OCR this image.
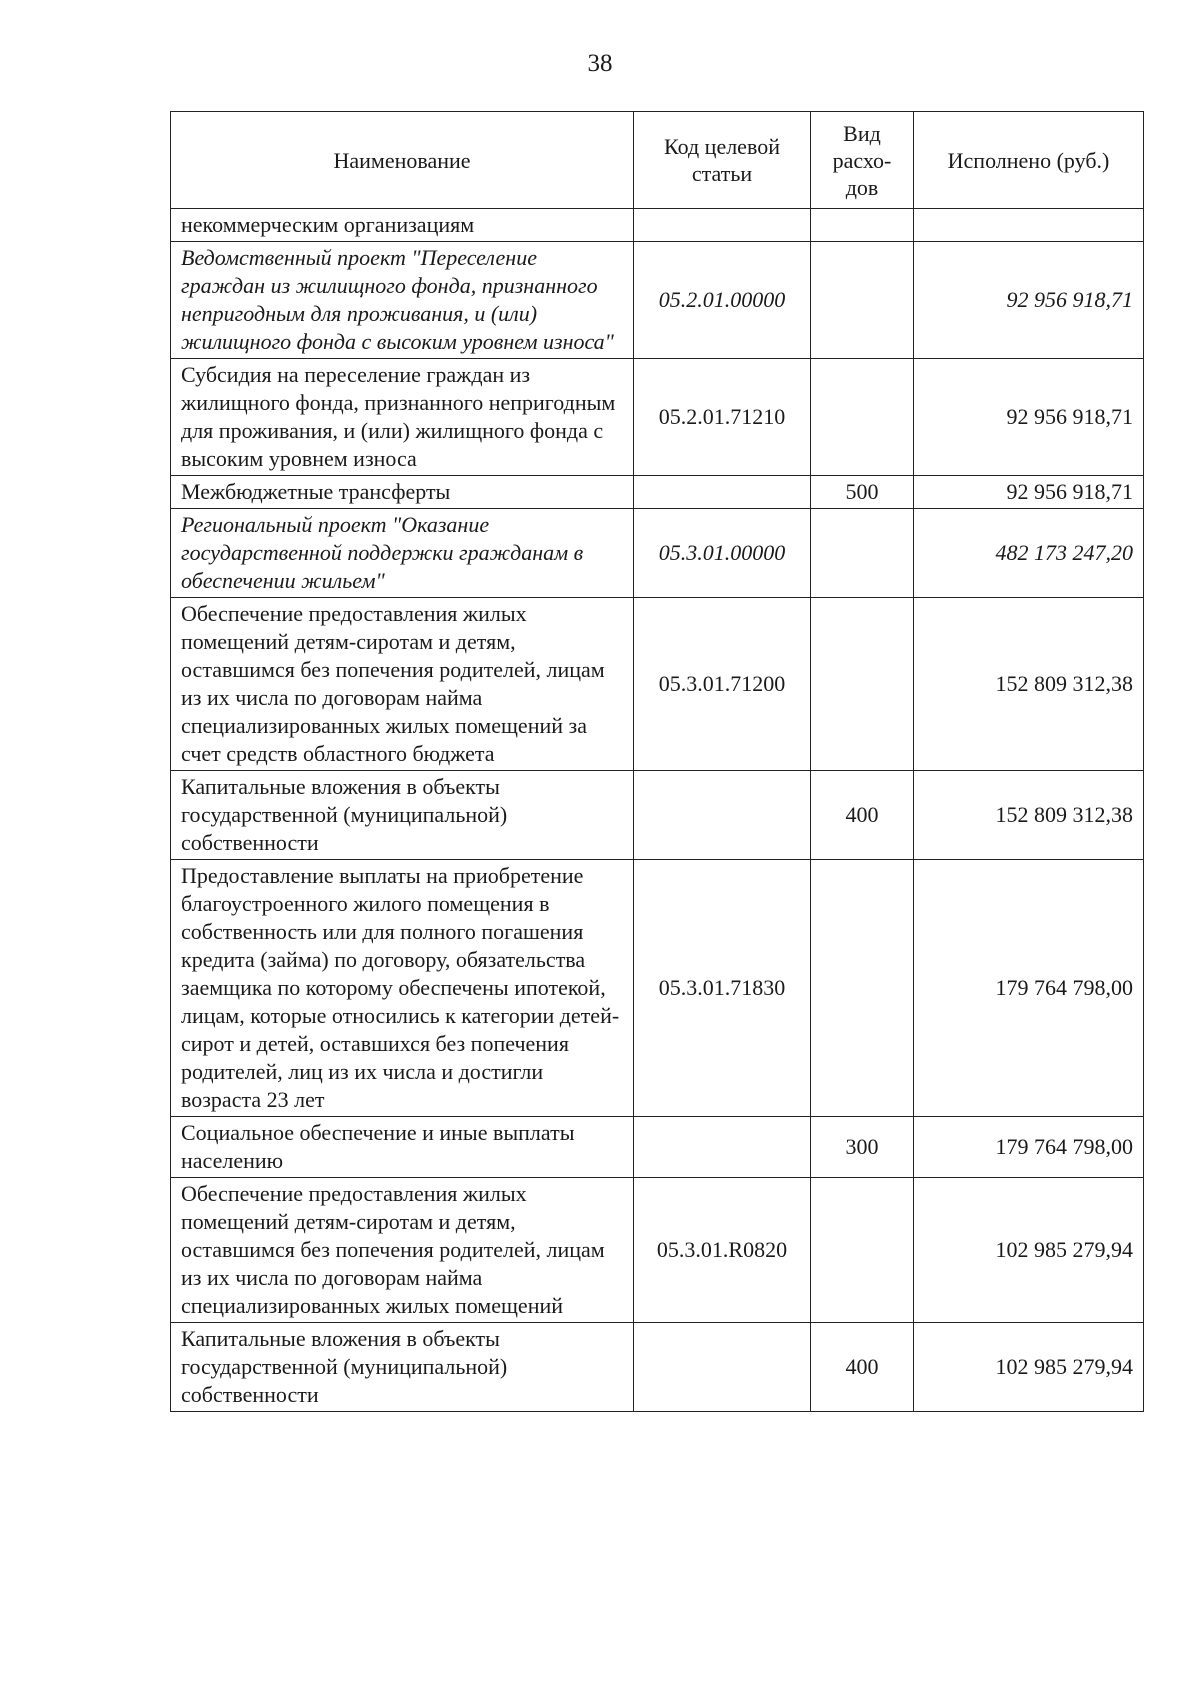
38
Наименование	Код целевой статьи	Вид расхо-дов	Исполнено (руб.)
некоммерческим организациям			
Ведомственный проект "Переселение граждан из жилищного фонда, признанного непригодным для проживания, и (или) жилищного фонда с высоким уровнем износа"	05.2.01.00000		92 956 918,71
Субсидия на переселение граждан из жилищного фонда, признанного непригодным для проживания, и (или) жилищного фонда с высоким уровнем износа	05.2.01.71210		92 956 918,71
Межбюджетные трансферты		500	92 956 918,71
Региональный проект "Оказание государственной поддержки гражданам в обеспечении жильем"	05.3.01.00000		482 173 247,20
Обеспечение предоставления жилых помещений детям-сиротам и детям, оставшимся без попечения родителей, лицам из их числа по договорам найма специализированных жилых помещений за счет средств областного бюджета	05.3.01.71200		152 809 312,38
Капитальные вложения в объекты государственной (муниципальной) собственности		400	152 809 312,38
Предоставление выплаты на приобретение благоустроенного жилого помещения в собственность или для полного погашения кредита (займа) по договору, обязательства заемщика по которому обеспечены ипотекой, лицам, которые относились к категории детей-сирот и детей, оставшихся без попечения родителей, лиц из их числа и достигли возраста 23 лет	05.3.01.71830		179 764 798,00
Социальное обеспечение и иные выплаты населению		300	179 764 798,00
Обеспечение предоставления жилых помещений детям-сиротам и детям, оставшимся без попечения родителей, лицам из их числа по договорам найма специализированных жилых помещений	05.3.01.R0820		102 985 279,94
Капитальные вложения в объекты государственной (муниципальной) собственности		400	102 985 279,94
